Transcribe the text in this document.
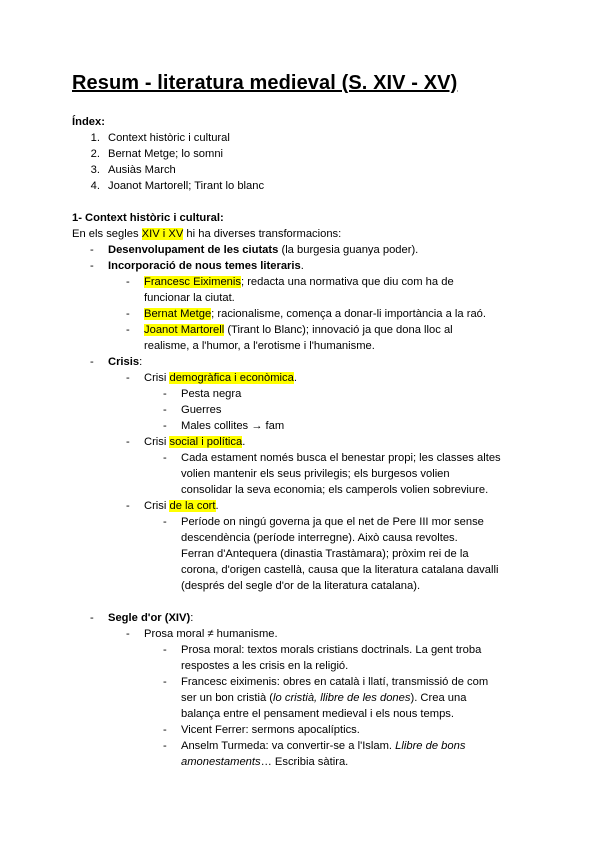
Resum - literatura medieval (S. XIV - XV)
Índex:
1. Context històric i cultural
2. Bernat Metge; lo somni
3. Ausiàs March
4. Joanot Martorell; Tirant lo blanc
1- Context històric i cultural:
En els segles XIV i XV hi ha diverses transformacions:
- Desenvolupament de les ciutats (la burgesia guanya poder).
- Incorporació de nous temes literaris.
- Francesc Eiximenis; redacta una normativa que diu com ha de
funcionar la ciutat.
- Bernat Metge; racionalisme, comença a donar-li importància a la raó.
- Joanot Martorell (Tirant lo Blanc); innovació ja que dona lloc al
realisme, a l'humor, a l'erotisme i l'humanisme.
- Crisis:
- Crisi demogràfica i econòmica.
- Pesta negra
- Guerres
- Males collites → fam
- Crisi social i política.
- Cada estament només busca el benestar propi; les classes altes
volien mantenir els seus privilegis; els burgesos volien
consolidar la seva economia; els camperols volien sobreviure.
- Crisi de la cort.
- Període on ningú governa ja que el net de Pere III mor sense
descendència (període interregne). Això causa revoltes.
Ferran d'Antequera (dinastia Trastàmara); pròxim rei de la
corona, d'origen castellà, causa que la literatura catalana davalli
(després del segle d'or de la literatura catalana).
- Segle d'or (XIV):
- Prosa moral ≠ humanisme.
- Prosa moral: textos morals cristians doctrinals. La gent troba
respostes a les crisis en la religió.
- Francesc eiximenis: obres en català i llatí, transmissió de com
ser un bon cristià (lo cristià, llibre de les dones). Crea una
balança entre el pensament medieval i els nous temps.
- Vicent Ferrer: sermons apocalíptics.
- Anselm Turmeda: va convertir-se a l'Islam. Llibre de bons
amonestaments… Escribia sàtira.
